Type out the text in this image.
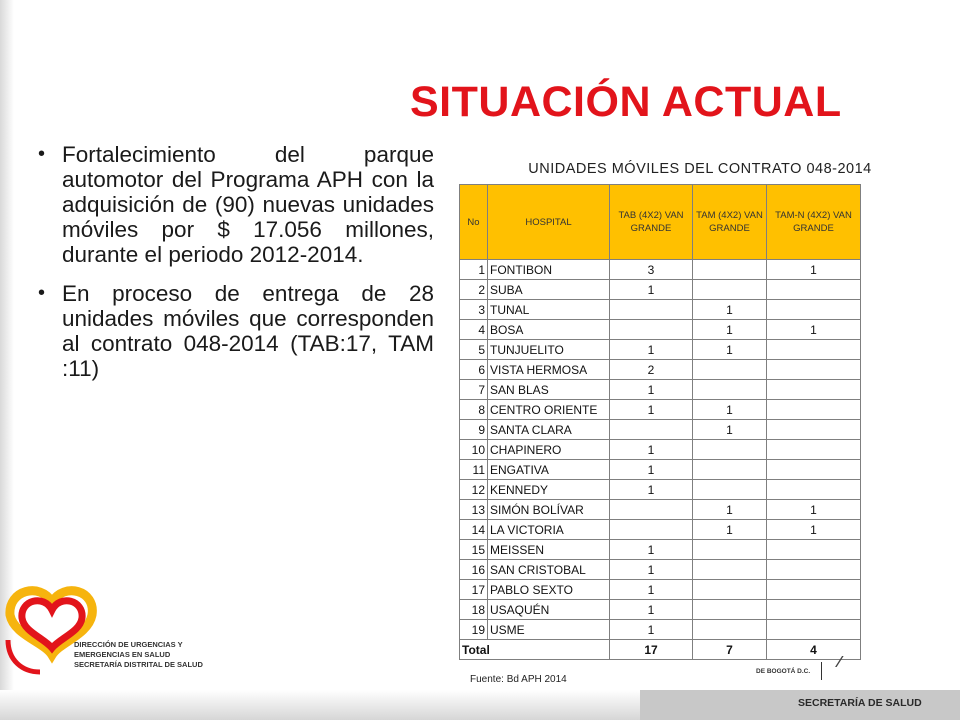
SITUACIÓN ACTUAL
• Fortalecimiento del parque automotor del Programa APH con la adquisición de (90) nuevas unidades móviles por $ 17.056 millones, durante el periodo 2012-2014.
• En proceso de entrega de 28 unidades móviles que corresponden al contrato 048-2014 (TAB:17, TAM :11)
UNIDADES MÓVILES DEL CONTRATO 048-2014
No	HOSPITAL	TAB (4X2) VAN GRANDE	TAM (4X2) VAN GRANDE	TAM-N (4X2) VAN GRANDE
1	FONTIBON	3		1
2	SUBA	1		
3	TUNAL		1	
4	BOSA		1	1
5	TUNJUELITO	1	1	
6	VISTA HERMOSA	2		
7	SAN BLAS	1		
8	CENTRO ORIENTE	1	1	
9	SANTA CLARA		1	
10	CHAPINERO	1		
11	ENGATIVA	1		
12	KENNEDY	1		
13	SIMÓN BOLÍVAR		1	1
14	LA VICTORIA		1	1
15	MEISSEN	1		
16	SAN CRISTOBAL	1		
17	PABLO SEXTO	1		
18	USAQUÉN	1		
19	USME	1		
Total		17	7	4
Fuente: Bd APH 2014
DIRECCIÓN DE URGENCIAS Y EMERGENCIAS EN SALUD
SECRETARÍA DISTRITAL DE SALUD
DE BOGOTÁ D.C.
⁄
SECRETARÍA DE SALUD
